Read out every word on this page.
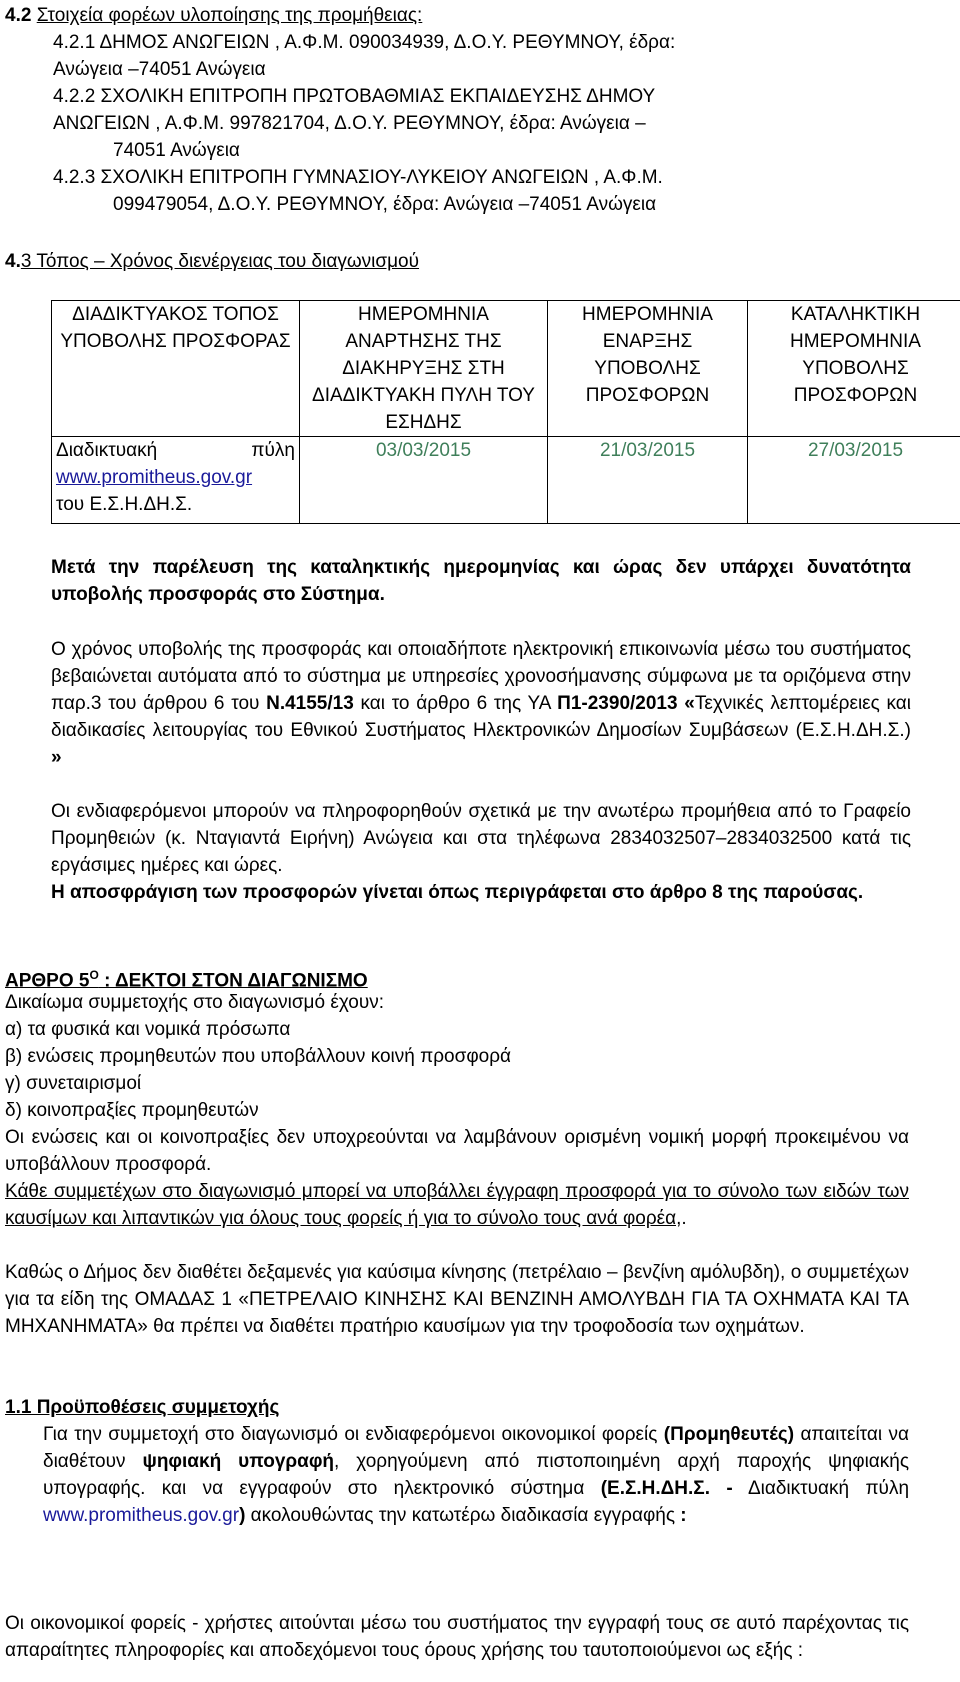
4.2 Στοιχεία φορέων υλοποίησης της προμήθειας:
4.2.1 ΔΗΜΟΣ ΑΝΩΓΕΙΩΝ , Α.Φ.Μ. 090034939, Δ.Ο.Υ. ΡΕΘΥΜΝΟΥ, έδρα:
Ανώγεια –74051 Ανώγεια
4.2.2 ΣΧΟΛΙΚΗ ΕΠΙΤΡΟΠΗ ΠΡΩΤΟΒΑΘΜΙΑΣ ΕΚΠΑΙΔΕΥΣΗΣ ΔΗΜΟΥ
ΑΝΩΓΕΙΩΝ , Α.Φ.Μ. 997821704, Δ.Ο.Υ. ΡΕΘΥΜΝΟΥ, έδρα: Ανώγεια –
74051 Ανώγεια
4.2.3 ΣΧΟΛΙΚΗ ΕΠΙΤΡΟΠΗ ΓΥΜΝΑΣΙΟΥ-ΛΥΚΕΙΟΥ ΑΝΩΓΕΙΩΝ , Α.Φ.Μ.
099479054, Δ.Ο.Υ. ΡΕΘΥΜΝΟΥ, έδρα: Ανώγεια –74051 Ανώγεια
4.3 Τόπος – Χρόνος διενέργειας του διαγωνισμού
ΔΙΑΔΙΚΤΥΑΚΟΣ ΤΟΠΟΣ ΥΠΟΒΟΛΗΣ ΠΡΟΣΦΟΡΑΣ	ΗΜΕΡΟΜΗΝΙΑ ΑΝΑΡΤΗΣΗΣ ΤΗΣ ΔΙΑΚΗΡΥΞΗΣ ΣΤΗ ΔΙΑΔΙΚΤΥΑΚΗ ΠΥΛΗ ΤΟΥ ΕΣΗΔΗΣ	ΗΜΕΡΟΜΗΝΙΑ ΕΝΑΡΞΗΣ ΥΠΟΒΟΛΗΣ ΠΡΟΣΦΟΡΩΝ	ΚΑΤΑΛΗΚΤΙΚΗ ΗΜΕΡΟΜΗΝΙΑ ΥΠΟΒΟΛΗΣ ΠΡΟΣΦΟΡΩΝ

Διαδικτυακή πύλη
www.promitheus.gov.gr
του Ε.Σ.Η.ΔΗ.Σ.	03/03/2015	21/03/2015	27/03/2015
Μετά την παρέλευση της καταληκτικής ημερομηνίας και ώρας δεν υπάρχει δυνατότητα υποβολής προσφοράς στο Σύστημα.
Ο χρόνος υποβολής της προσφοράς και οποιαδήποτε ηλεκτρονική επικοινωνία μέσω του συστήματος βεβαιώνεται αυτόματα από το σύστημα με υπηρεσίες χρονοσήμανσης σύμφωνα με τα οριζόμενα στην παρ.3 του άρθρου 6 του Ν.4155/13 και το άρθρο 6 της ΥΑ Π1-2390/2013 «Τεχνικές λεπτομέρειες και διαδικασίες λειτουργίας του Εθνικού Συστήματος Ηλεκτρονικών Δημοσίων Συμβάσεων (Ε.Σ.Η.ΔΗ.Σ.) »
Οι ενδιαφερόμενοι μπορούν να πληροφορηθούν σχετικά με την ανωτέρω προμήθεια από το Γραφείο Προμηθειών (κ. Νταγιαντά Ειρήνη) Ανώγεια και στα τηλέφωνα 2834032507–2834032500 κατά τις εργάσιμες ημέρες και ώρες.
Η αποσφράγιση των προσφορών γίνεται όπως περιγράφεται στο άρθρο 8 της παρούσας.
ΑΡΘΡΟ $5^O$ : ΔΕΚΤΟΙ ΣΤΟΝ ΔΙΑΓΩΝΙΣΜΟ
Δικαίωμα συμμετοχής στο διαγωνισμό έχουν:
α) τα φυσικά και νομικά πρόσωπα
β) ενώσεις προμηθευτών που υποβάλλουν κοινή προσφορά
γ) συνεταιρισμοί
δ) κοινοπραξίες προμηθευτών
Οι ενώσεις και οι κοινοπραξίες δεν υποχρεούνται να λαμβάνουν ορισμένη νομική μορφή προκειμένου να υποβάλλουν προσφορά.
Κάθε συμμετέχων στο διαγωνισμό μπορεί να υποβάλλει έγγραφη προσφορά για το σύνολο των ειδών των καυσίμων και λιπαντικών για όλους τους φορείς ή για το σύνολο τους ανά φορέα,.
Καθώς ο Δήμος δεν διαθέτει δεξαμενές για καύσιμα κίνησης (πετρέλαιο – βενζίνη αμόλυβδη), ο συμμετέχων για τα είδη της ΟΜΑΔΑΣ 1 «ΠΕΤΡΕΛΑΙΟ ΚΙΝΗΣΗΣ ΚΑΙ ΒΕΝΖΙΝΗ ΑΜΟΛΥΒΔΗ ΓΙΑ ΤΑ ΟΧΗΜΑΤΑ ΚΑΙ ΤΑ ΜΗΧΑΝΗΜΑΤΑ» θα πρέπει να διαθέτει πρατήριο καυσίμων για την τροφοδοσία των οχημάτων.
1.1 Προϋποθέσεις συμμετοχής
Για την συμμετοχή στο διαγωνισμό οι ενδιαφερόμενοι οικονομικοί φορείς (Προμηθευτές) απαιτείται να διαθέτουν ψηφιακή υπογραφή, χορηγούμενη από πιστοποιημένη αρχή παροχής ψηφιακής υπογραφής. και να εγγραφούν στο ηλεκτρονικό σύστημα (Ε.Σ.Η.ΔΗ.Σ. - Διαδικτυακή πύλη www.promitheus.gov.gr) ακολουθώντας την κατωτέρω διαδικασία εγγραφής :
Οι οικονομικοί φορείς - χρήστες αιτούνται μέσω του συστήματος την εγγραφή τους σε αυτό παρέχοντας τις απαραίτητες πληροφορίες και αποδεχόμενοι τους όρους χρήσης του ταυτοποιούμενοι ως εξής :
